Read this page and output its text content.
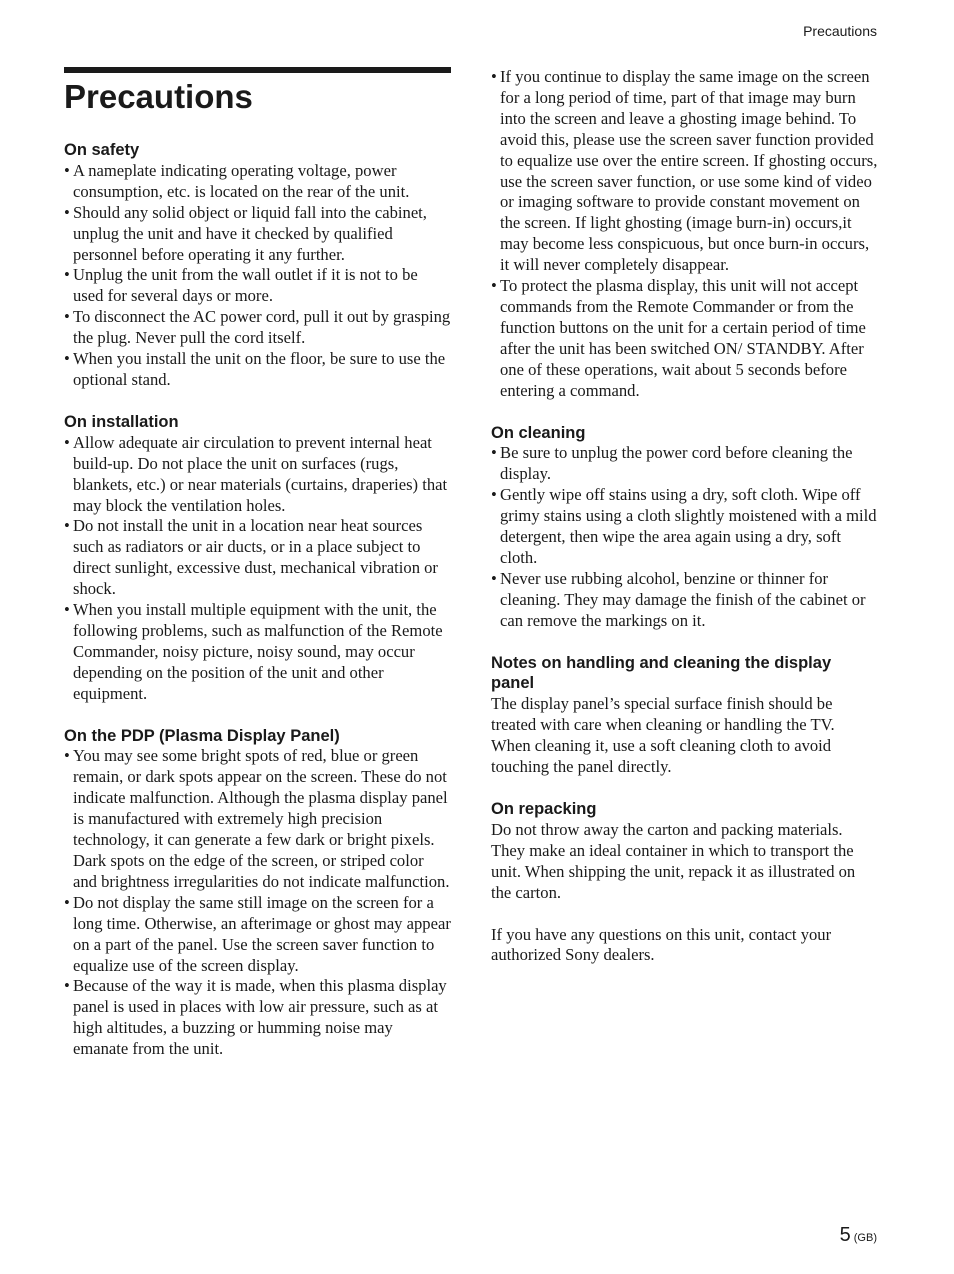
Precautions
Precautions
On safety
• A nameplate indicating operating voltage, power consumption, etc. is located on the rear of the unit.
• Should any solid object or liquid fall into the cabinet, unplug the unit and have it checked by qualified personnel before operating it any further.
• Unplug the unit from the wall outlet if it is not to be used for several days or more.
• To disconnect the AC power cord, pull it out by grasping the plug. Never pull the cord itself.
• When you install the unit on the floor, be sure to use the optional stand.
On installation
• Allow adequate air circulation to prevent internal heat build-up. Do not place the unit on surfaces (rugs, blankets, etc.) or near materials (curtains, draperies) that may block the ventilation holes.
• Do not install the unit in a location near heat sources such as radiators or air ducts, or in a place subject to direct sunlight, excessive dust, mechanical vibration or shock.
• When you install multiple equipment with the unit, the following problems, such as malfunction of the Remote Commander, noisy picture, noisy sound, may occur depending on the position of the unit and other equipment.
On the PDP (Plasma Display Panel)
• You may see some bright spots of red, blue or green remain, or dark spots appear on the screen. These do not indicate malfunction. Although the plasma display panel is manufactured with extremely high precision technology, it can generate a few dark or bright pixels. Dark spots on the edge of the screen, or striped color and brightness irregularities do not indicate malfunction.
• Do not display the same still image on the screen for a long time. Otherwise, an afterimage or ghost may appear on a part of the panel. Use the screen saver function to equalize use of the screen display.
• Because of the way it is made, when this plasma display panel is used in places with low air pressure, such as at high altitudes, a buzzing or humming noise may emanate from the unit.
• If you continue to display the same image on the screen for a long period of time, part of that image may burn into the screen and leave a ghosting image behind. To avoid this, please use the screen saver function provided to equalize use over the entire screen. If ghosting occurs, use the screen saver function, or use some kind of video or imaging software to provide constant movement on the screen. If light ghosting (image burn-in) occurs,it may become less conspicuous, but once burn-in occurs, it will never completely disappear.
• To protect the plasma display, this unit will not accept commands from the Remote Commander or from the function buttons on the unit for a certain period of time after the unit has been switched ON/ STANDBY. After one of these operations, wait about 5 seconds before entering a command.
On cleaning
• Be sure to unplug the power cord before cleaning the display.
• Gently wipe off stains using a dry, soft cloth. Wipe off grimy stains using a cloth slightly moistened with a mild detergent, then wipe the area again using a dry, soft cloth.
• Never use rubbing alcohol, benzine or thinner for cleaning. They may damage the finish of the cabinet or can remove the markings on it.
Notes on handling and cleaning the display panel

The display panel’s special surface finish should be treated with care when cleaning or handling the TV. When cleaning it, use a soft cleaning cloth to avoid touching the panel directly.

On repacking

Do not throw away the carton and packing materials. They make an ideal container in which to transport the unit. When shipping the unit, repack it as illustrated on the carton.

If you have any questions on this unit, contact your authorized Sony dealers.

5 (GB)
